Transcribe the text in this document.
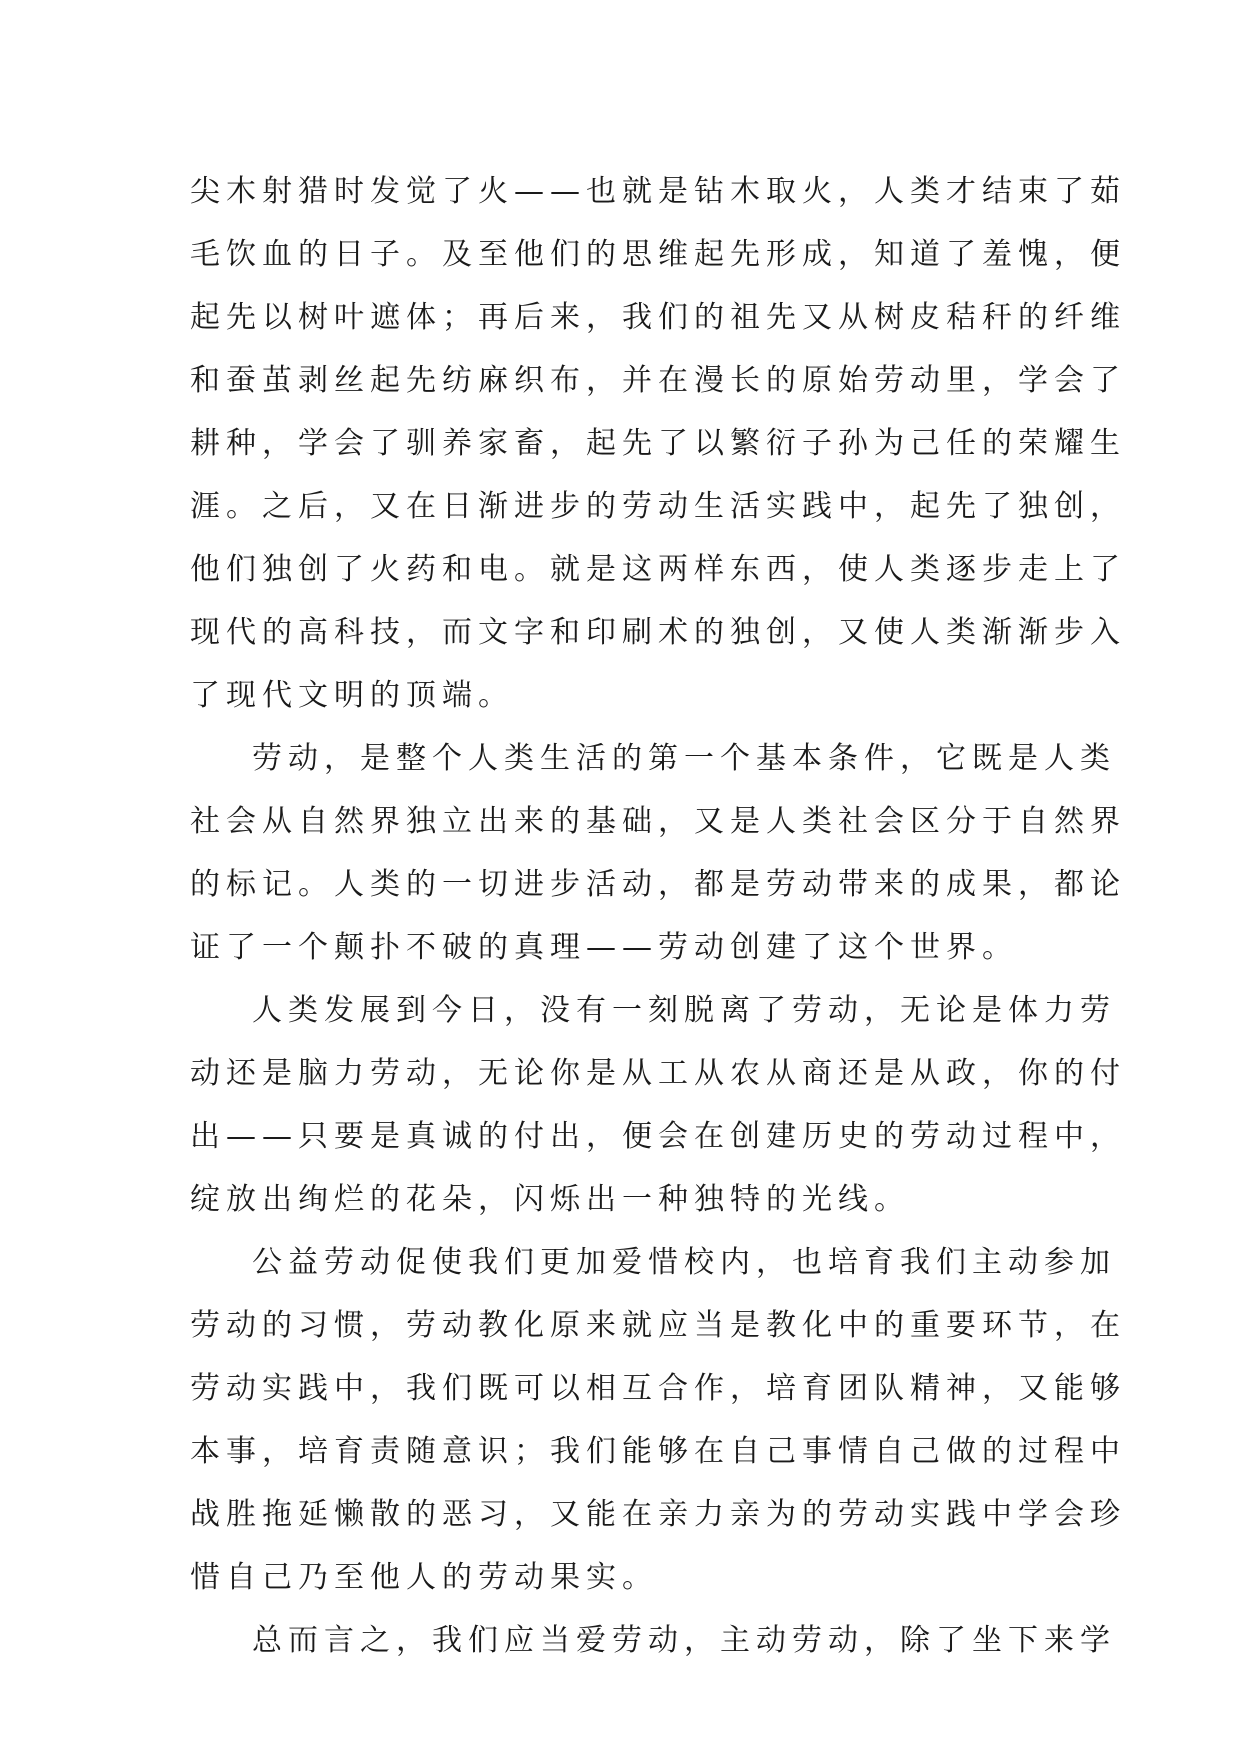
尖木射猎时发觉了火——也就是钻木取火，人类才结束了茹
毛饮血的日子。及至他们的思维起先形成，知道了羞愧，便
起先以树叶遮体；再后来，我们的祖先又从树皮秸秆的纤维
和蚕茧剥丝起先纺麻织布，并在漫长的原始劳动里，学会了
耕种，学会了驯养家畜，起先了以繁衍子孙为己任的荣耀生
涯。之后，又在日渐进步的劳动生活实践中，起先了独创，
他们独创了火药和电。就是这两样东西，使人类逐步走上了
现代的高科技，而文字和印刷术的独创，又使人类渐渐步入
了现代文明的顶端。
劳动，是整个人类生活的第一个基本条件，它既是人类
社会从自然界独立出来的基础，又是人类社会区分于自然界
的标记。人类的一切进步活动，都是劳动带来的成果，都论
证了一个颠扑不破的真理——劳动创建了这个世界。
人类发展到今日，没有一刻脱离了劳动，无论是体力劳
动还是脑力劳动，无论你是从工从农从商还是从政，你的付
出——只要是真诚的付出，便会在创建历史的劳动过程中，
绽放出绚烂的花朵，闪烁出一种独特的光线。
公益劳动促使我们更加爱惜校内，也培育我们主动参加
劳动的习惯，劳动教化原来就应当是教化中的重要环节，在
劳动实践中，我们既可以相互合作，培育团队精神，又能够
本事，培育责随意识；我们能够在自己事情自己做的过程中
战胜拖延懒散的恶习，又能在亲力亲为的劳动实践中学会珍
惜自己乃至他人的劳动果实。
总而言之，我们应当爱劳动，主动劳动，除了坐下来学
